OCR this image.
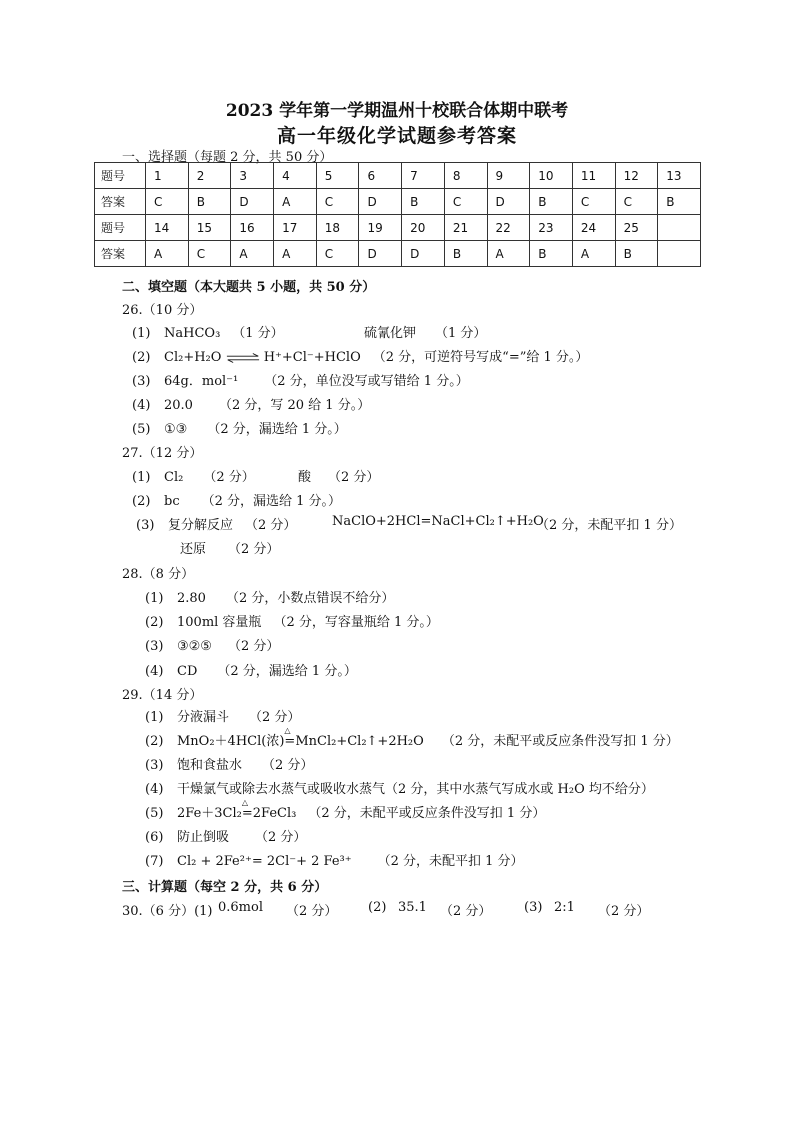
2023 学年第一学期温州十校联合体期中联考
高一年级化学试题参考答案
一、选择题（每题 2 分，共 50 分）
题号	1	2	3	4	5	6	7	8	9	10	11	12	13
答案	C	B	D	A	C	D	B	C	D	B	C	C	B
题号	14	15	16	17	18	19	20	21	22	23	24	25	
答案	A	C	A	A	C	D	D	B	A	B	A	B	
二、填空题（本大题共 5 小题，共 50 分）
26.（10 分）
(1) NaHCO₃ （1 分）	硫氰化钾 （1 分）
(2) Cl₂+H₂O ⇌ H⁺+Cl⁻+HClO （2 分，可逆符号写成“=”给 1 分。）
(3) 64g．mol⁻¹ （2 分，单位没写或写错给 1 分。）
(4) 20.0 （2 分，写 20 给 1 分。）
(5) ①③ （2 分，漏选给 1 分。）
27.（12 分）
(1) Cl₂ （2 分）	酸 （2 分）
(2) bc （2 分，漏选给 1 分。）
(3) 复分解反应 （2 分）	NaClO+2HCl=NaCl+Cl₂↑+H₂O
（2 分，未配平扣 1 分）
还原 （2 分）
28.（8 分）
(1) 2.80 （2 分，小数点错误不给分）
(2) 100ml 容量瓶 （2 分，写容量瓶给 1 分。）
(3) ③②⑤ （2 分）
(4) CD （2 分，漏选给 1 分。）
29.（14 分）
(1) 分液漏斗 （2 分）
(2) MnO₂＋4HCl(浓)
△
=MnCl₂+Cl₂↑+2H₂O （2 分，未配平或反应条件没写扣 1 分）
(3) 饱和食盐水 （2 分）
(4) 干燥氯气或除去水蒸气或吸收水蒸气（2 分，其中水蒸气写成水或 H₂O 均不给分）
(5) 2Fe＋3Cl₂
△
=2FeCl₃ （2 分，未配平或反应条件没写扣 1 分）
(6) 防止倒吸 （2 分）
(7) Cl₂ + 2Fe²⁺= 2Cl⁻+ 2 Fe³⁺ （2 分，未配平扣 1 分）
三、计算题（每空 2 分，共 6 分）
30.（6 分）(1) 0.6mol （2 分） (2) 35.1 （2 分）	(3) 2:1 （2 分）
